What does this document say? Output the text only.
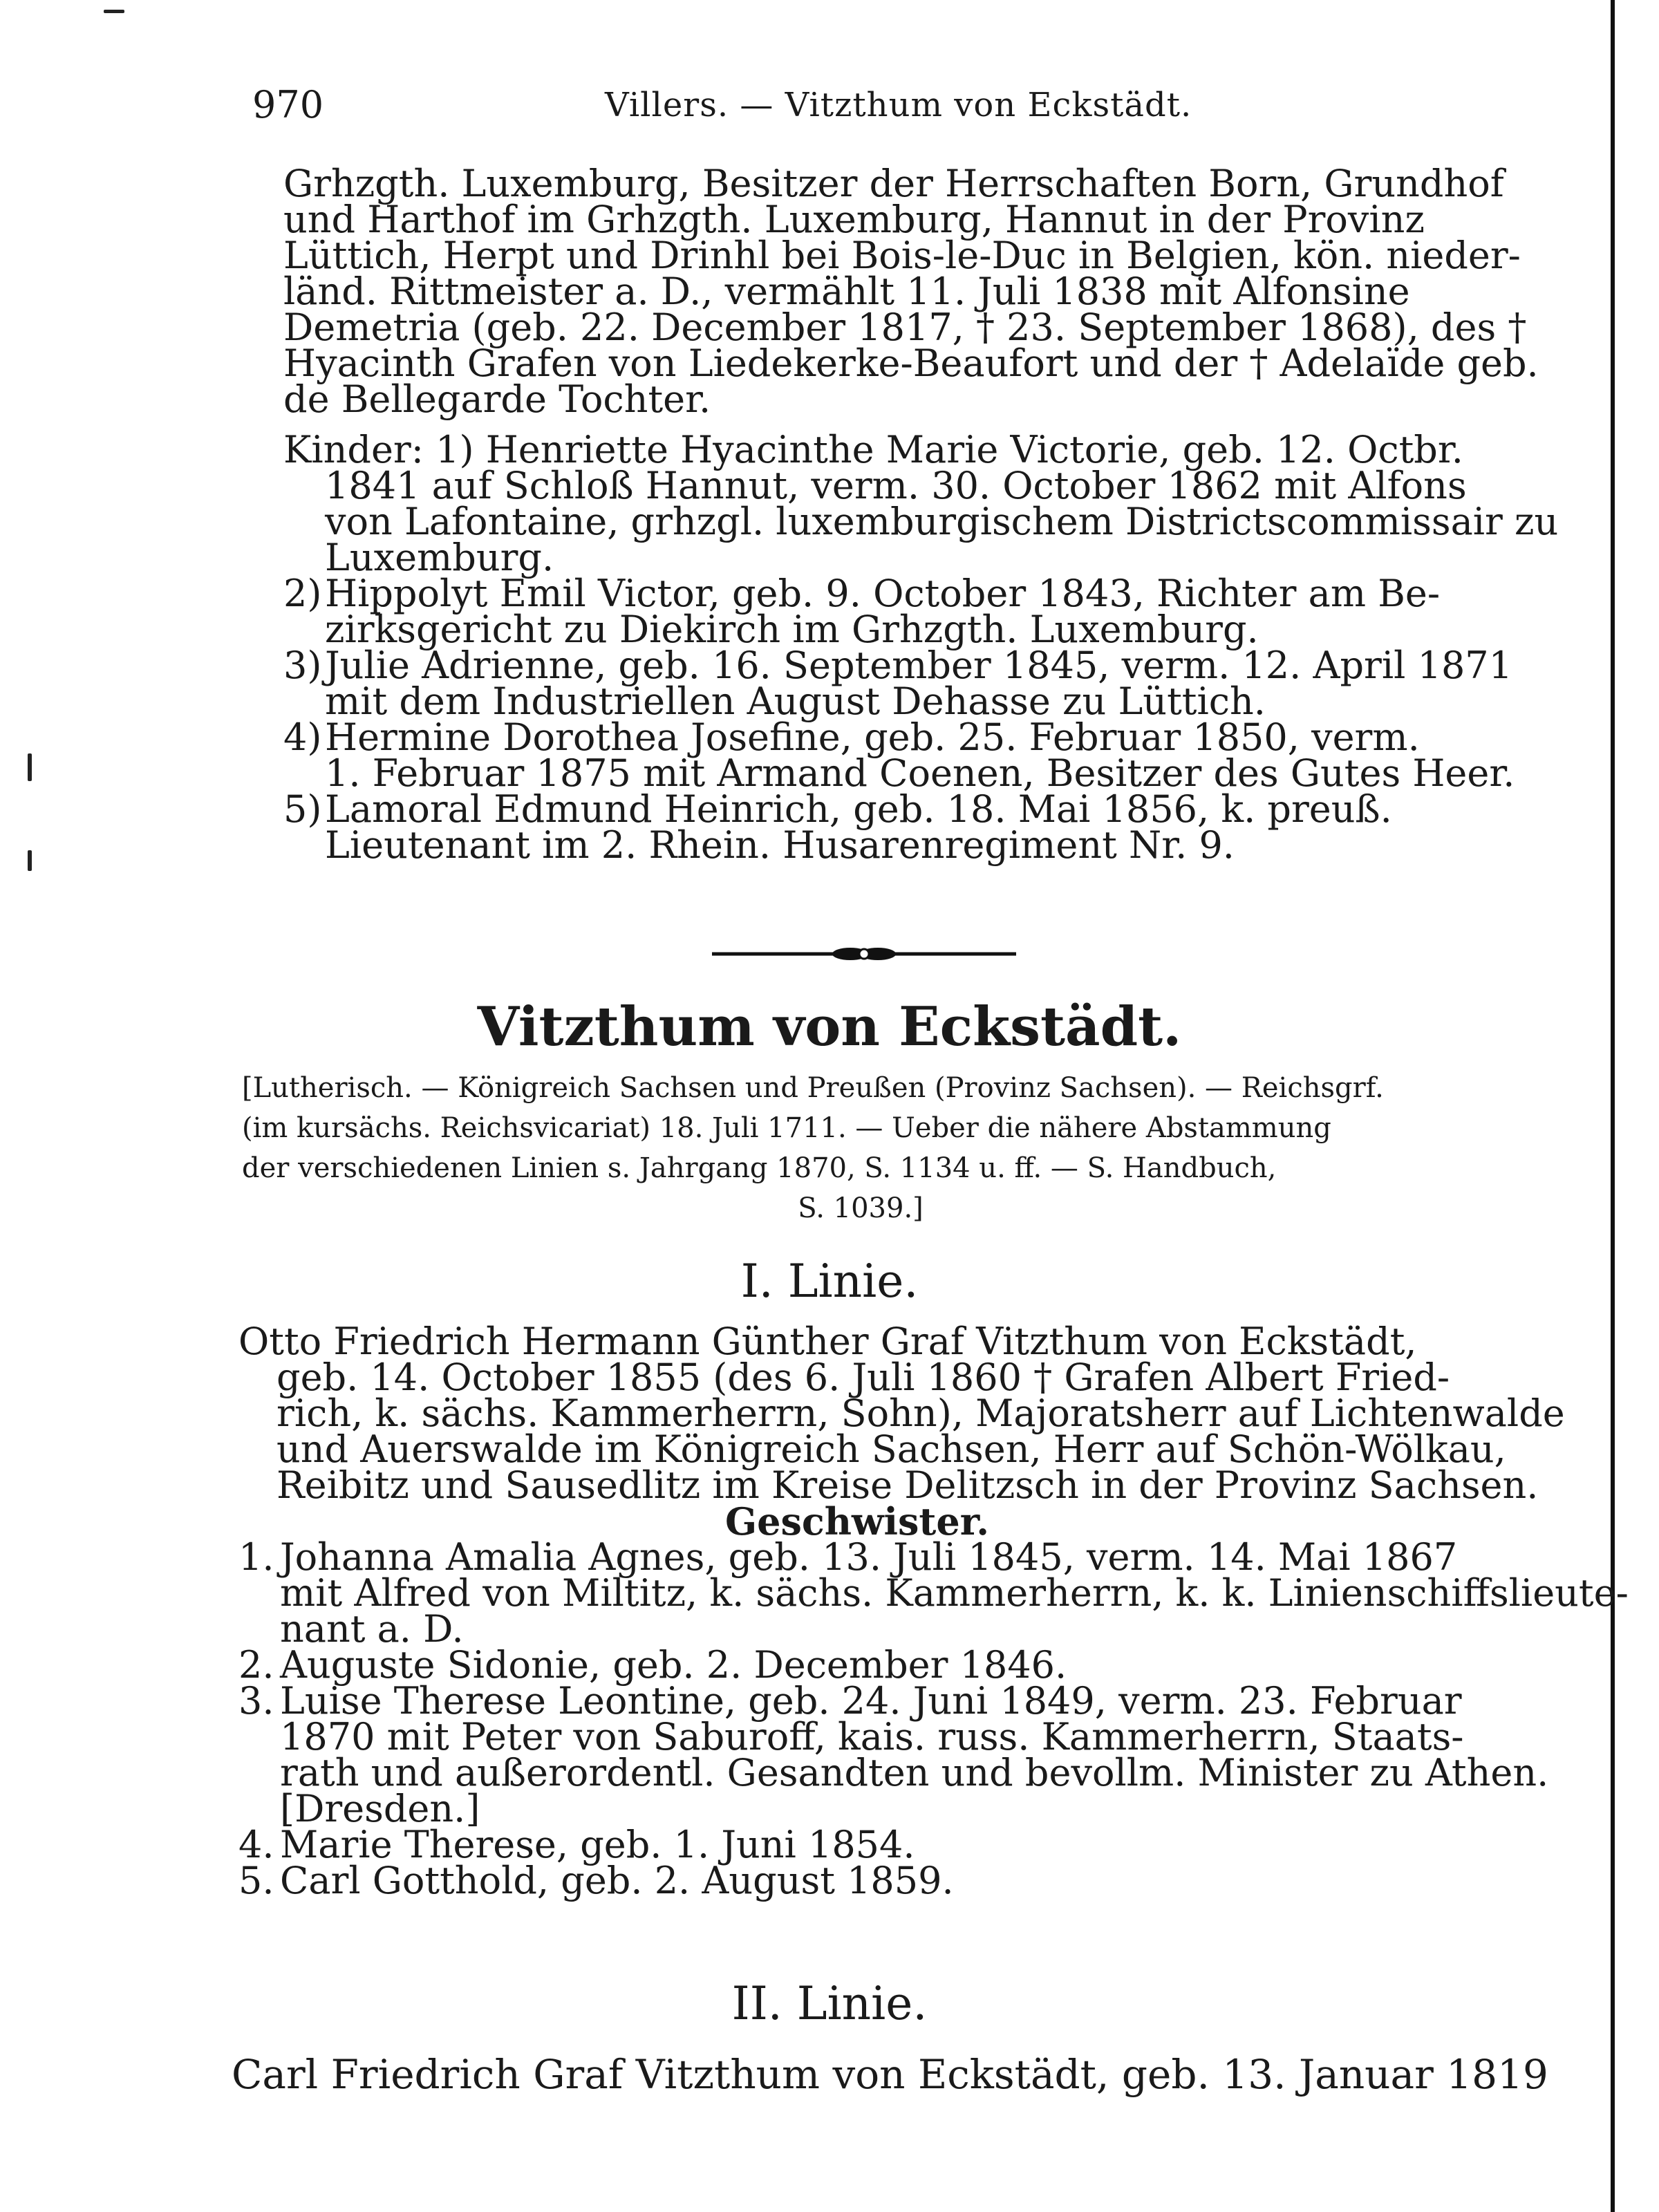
970	Villers. — Vitzthum von Eckstädt.

Grhzgth. Luxemburg, Besitzer der Herrschaften Born, Grundhof

und Harthof im Grhzgth. Luxemburg, Hannut in der Provinz

Lüttich, Herpt und Drinhl bei Bois-le-Duc in Belgien, kön. nieder-

länd. Rittmeister a. D., vermählt 11. Juli 1838 mit Alfonsine

Demetria (geb. 22. December 1817, † 23. September 1868), des †

Hyacinth Grafen von Liedekerke-Beaufort und der † Adelaïde geb.

de Bellegarde Tochter.

Kinder: 1) Henriette Hyacinthe Marie Victorie, geb. 12. Octbr.

1841 auf Schloß Hannut, verm. 30. October 1862 mit Alfons

von Lafontaine, grhzgl. luxemburgischem Districtscommissair zu

Luxemburg.

2)Hippolyt Emil Victor, geb. 9. October 1843, Richter am Be-

zirksgericht zu Diekirch im Grhzgth. Luxemburg.

3)Julie Adrienne, geb. 16. September 1845, verm. 12. April 1871

mit dem Industriellen August Dehasse zu Lüttich.

4)Hermine Dorothea Josefine, geb. 25. Februar 1850, verm.

1. Februar 1875 mit Armand Coenen, Besitzer des Gutes Heer.

5)Lamoral Edmund Heinrich, geb. 18. Mai 1856, k. preuß.

Lieutenant im 2. Rhein. Husarenregiment Nr. 9.

Vitzthum von Eckstädt.

[Lutherisch. — Königreich Sachsen und Preußen (Provinz Sachsen). — Reichsgrf.

(im kursächs. Reichsvicariat) 18. Juli 1711. — Ueber die nähere Abstammung

der verschiedenen Linien s. Jahrgang 1870, S. 1134 u. ff. — S. Handbuch,

S. 1039.]

I. Linie.

Otto Friedrich Hermann Günther Graf Vitzthum von Eckstädt,

geb. 14. October 1855 (des 6. Juli 1860 † Grafen Albert Fried-

rich, k. sächs. Kammerherrn, Sohn), Majoratsherr auf Lichtenwalde

und Auerswalde im Königreich Sachsen, Herr auf Schön-Wölkau,

Reibitz und Sausedlitz im Kreise Delitzsch in der Provinz Sachsen.

Geschwister.

1. Johanna Amalia Agnes, geb. 13. Juli 1845, verm. 14. Mai 1867

mit Alfred von Miltitz, k. sächs. Kammerherrn, k. k. Linienschiffslieute-

nant a. D.

2. Auguste Sidonie, geb. 2. December 1846.

3. Luise Therese Leontine, geb. 24. Juni 1849, verm. 23. Februar

1870 mit Peter von Saburoff, kais. russ. Kammerherrn, Staats-

rath und außerordentl. Gesandten und bevollm. Minister zu Athen.

[Dresden.]

4. Marie Therese, geb. 1. Juni 1854.

5. Carl Gotthold, geb. 2. August 1859.

II. Linie.

Carl Friedrich Graf Vitzthum von Eckstädt, geb. 13. Januar 1819
